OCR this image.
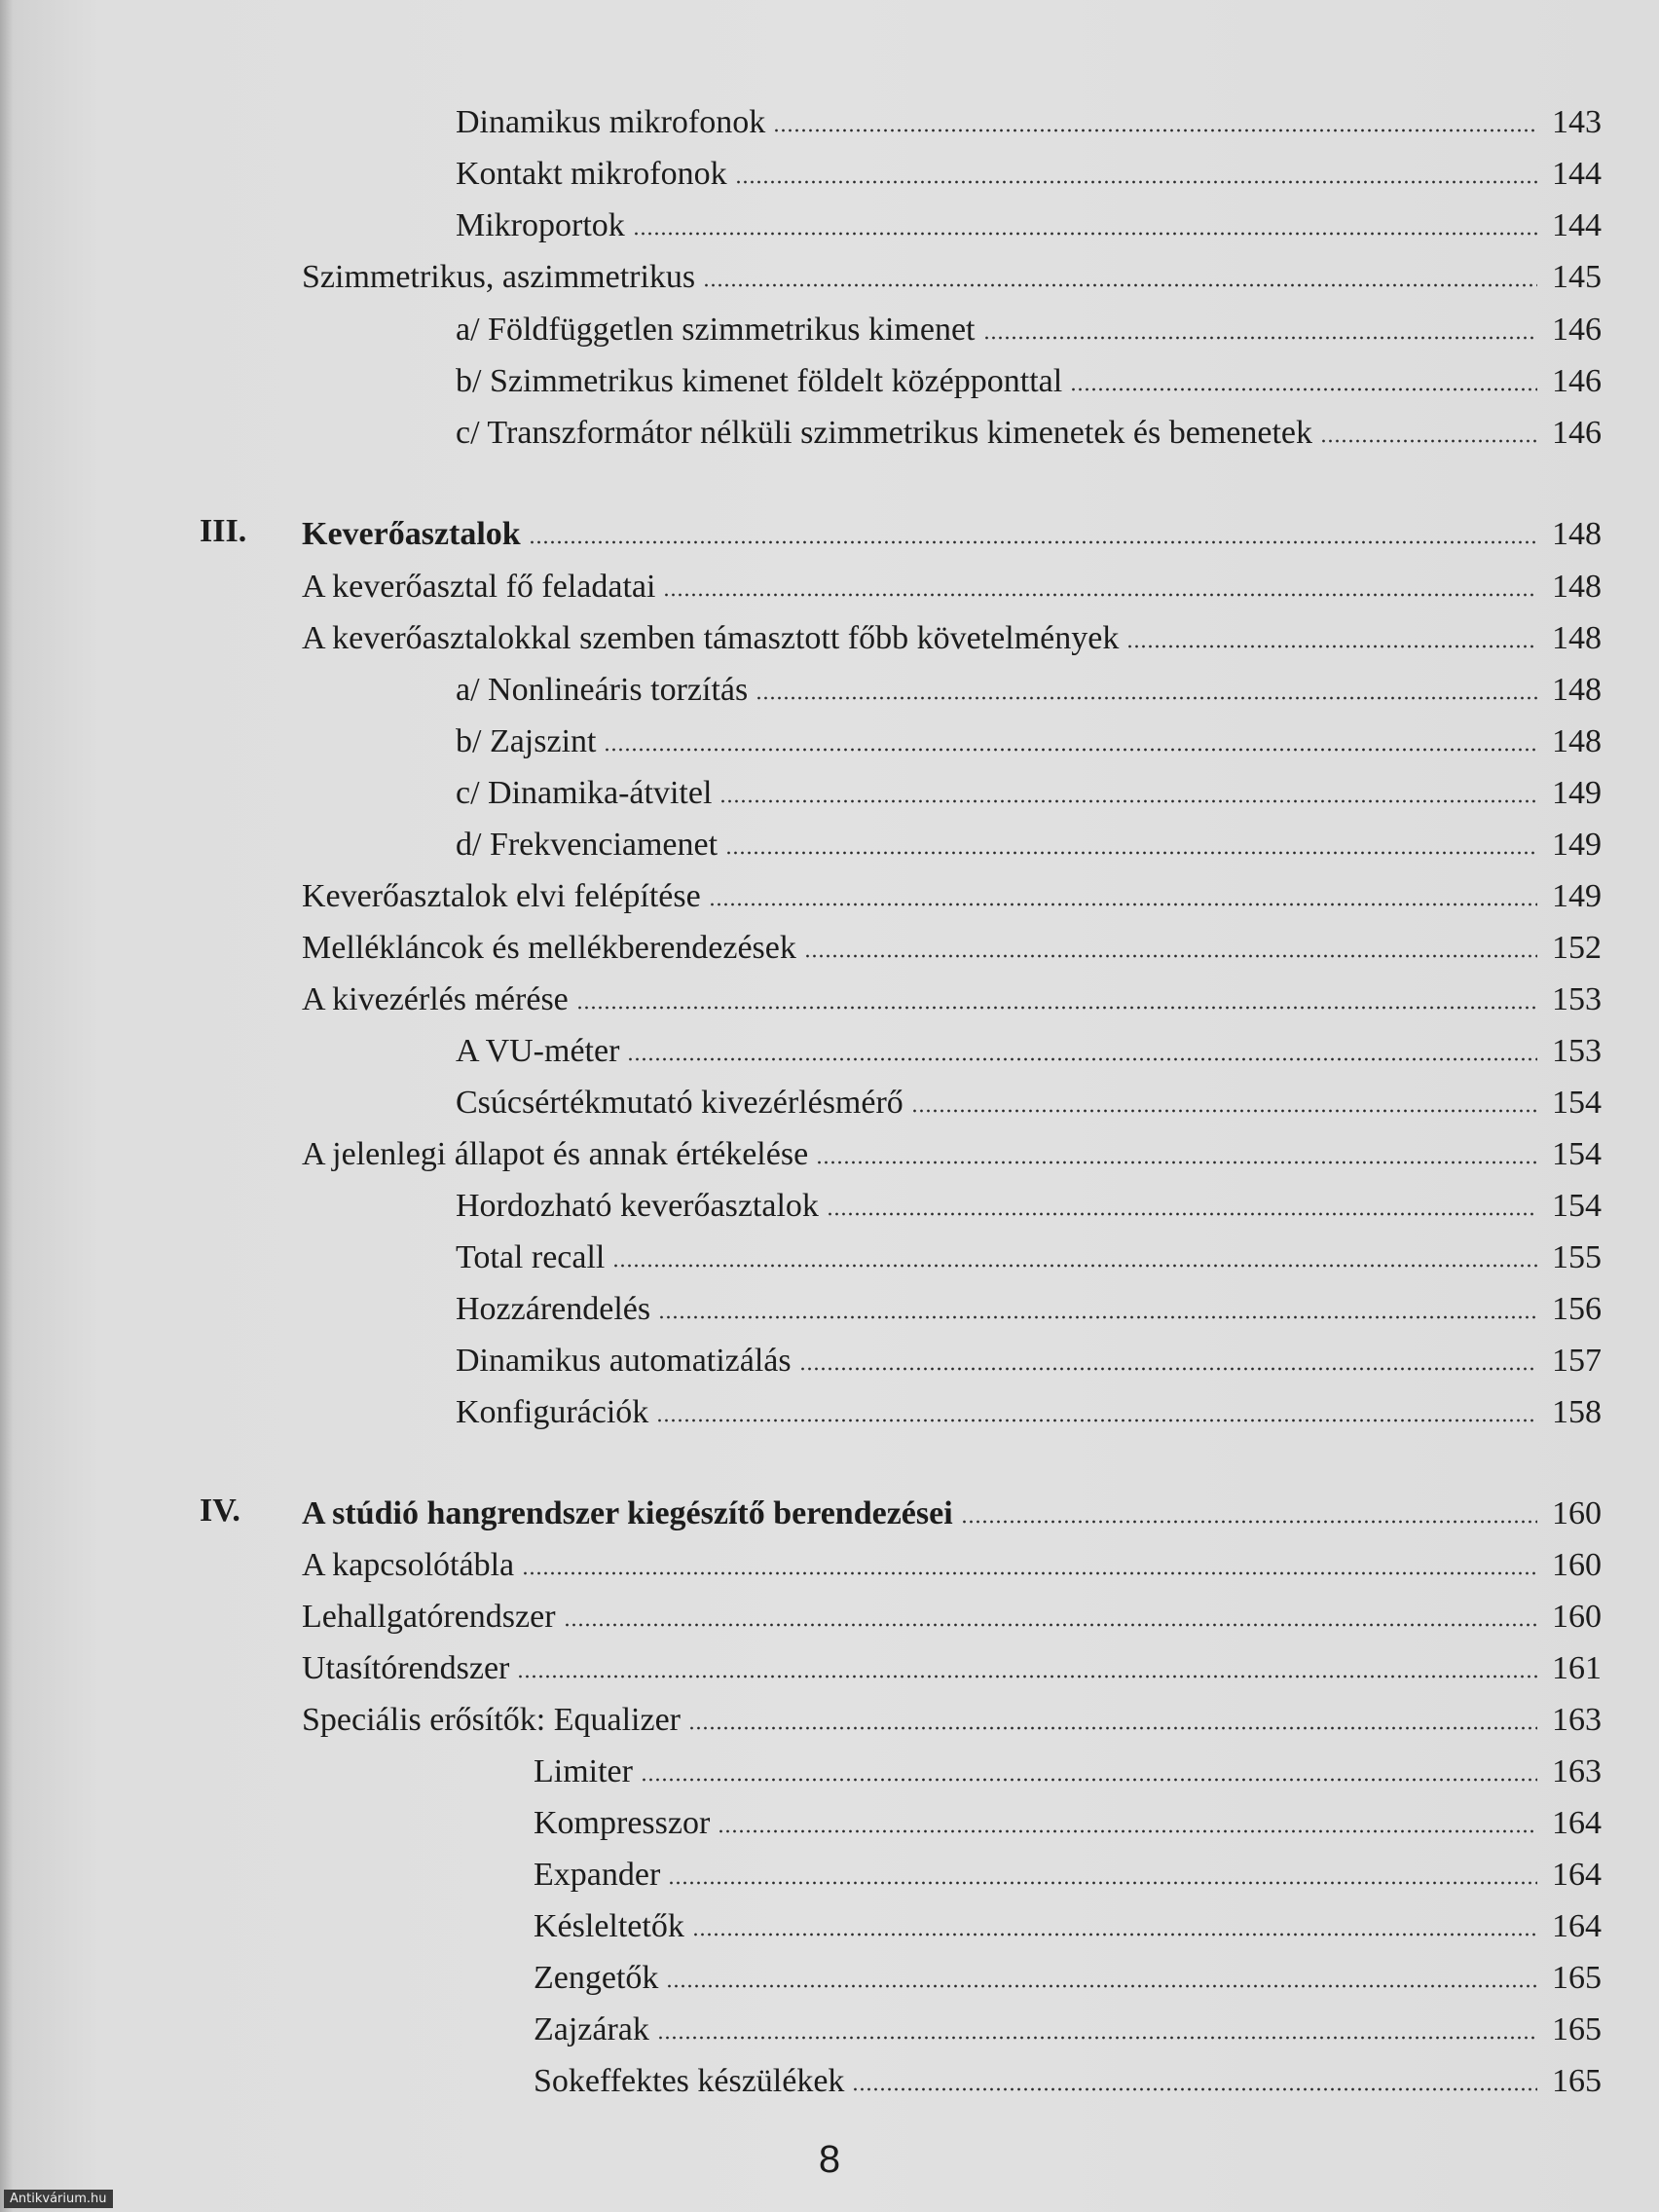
Dinamikus mikrofonok	143
Kontakt mikrofonok	144
Mikroportok	144
Szimmetrikus, aszimmetrikus	145
a/ Földfüggetlen szimmetrikus kimenet	146
b/ Szimmetrikus kimenet földelt középponttal	146
c/ Transzformátor nélküli szimmetrikus kimenetek és bemenetek	146
III. Keverőasztalok	148
A keverőasztal fő feladatai	148
A keverőasztalokkal szemben támasztott főbb követelmények	148
a/ Nonlineáris torzítás	148
b/ Zajszint	148
c/ Dinamika-átvitel	149
d/ Frekvenciamenet	149
Keverőasztalok elvi felépítése	149
Mellékláncok és mellékberendezések	152
A kivezérlés mérése	153
A VU-méter	153
Csúcsértékmutató kivezérlésmérő	154
A jelenlegi állapot és annak értékelése	154
Hordozható keverőasztalok	154
Total recall	155
Hozzárendelés	156
Dinamikus automatizálás	157
Konfigurációk	158
IV. A stúdió hangrendszer kiegészítő berendezései	160
A kapcsolótábla	160
Lehallgatórendszer	160
Utasítórendszer	161
Speciális erősítők: Equalizer	163
Limiter	163
Kompresszor	164
Expander	164
Késleltetők	164
Zengetők	165
Zajzárak	165
Sokeffektes készülékek	165
8
Antikvárium.hu
